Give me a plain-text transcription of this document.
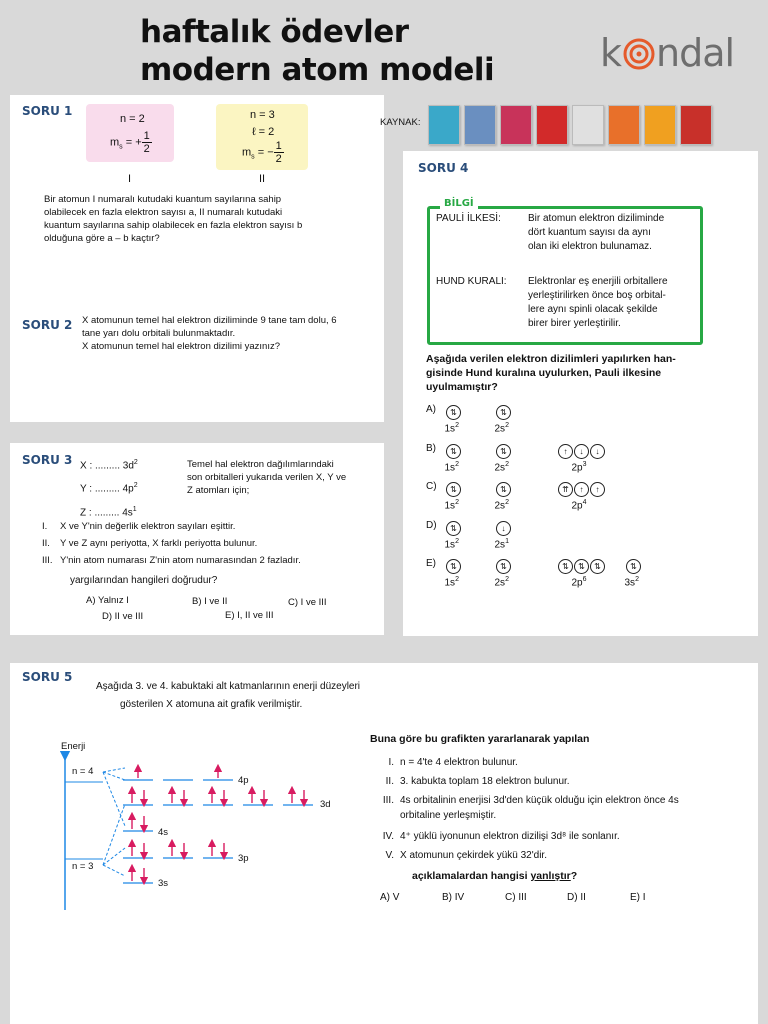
haftalık ödevler
modern atom modeli	k ndal
SORU 1
n = 2
$m_s$ = + $\frac{1}{2}$
I
n = 3
ℓ = 2
$m_s$ = − $\frac{1}{2}$
II
Bir atomun I numaralı kutudaki kuantum sayılarına sahip
olabilecek en fazla elektron sayısı a, II numaralı kutudaki
kuantum sayılarına sahip olabilecek en fazla elektron sayısı b
olduğuna göre a – b kaçtır?
SORU 2 X atomunun temel hal elektron diziliminde 9 tane tam dolu, 6
tane yarı dolu orbitali bulunmaktadır.
X atomunun temel hal elektron dizilimi yazınız?
KAYNAK:
SORU 3 X : ......... $3d^2$
Y : ......... $4p^2$
Z : ......... $4s^1$
Temel hal elektron dağılımlarındaki
son orbitalleri yukarıda verilen X, Y ve
Z atomları için;
I. X ve Y'nin değerlik elektron sayıları eşittir.
II. Y ve Z aynı periyotta, X farklı periyotta bulunur.
III. Y'nin atom numarası Z'nin atom numarasından 2 fazladır.
yargılarından hangileri doğrudur?
A) Yalnız I	B) I ve II	C) I ve III
D) II ve III	E) I, II ve III
SORU 4
BİLGİ
PAULİ İLKESİ:	Bir atomun elektron diziliminde
dört kuantum sayısı da aynı
olan iki elektron bulunamaz.
HUND KURALI: Elektronlar eş enerjili orbitallere
yerleştirilirken önce boş orbital-
lere aynı spinli olacak şekilde
birer birer yerleştirilir.
Aşağıda verilen elektron dizilimleri yapılırken han-
gisinde Hund kuralına uyulurken, Pauli ilkesine
uyulmamıştır?
A)	⇅
$1s^2$
⇅
$2s^2$
B)	⇅
$1s^2$
⇅
$2s^2$
↑ ↓ ↓
$2p^3$
C)	⇅
$1s^2$
⇅
$2s^2$
⇈ ↑ ↑
$2p^4$
D)	⇅
$1s^2$
↓
$2s^1$
E)	⇅
$1s^2$
⇅
$2s^2$
⇅ ⇅ ⇅
$2p^6$
⇅
$3s^2$
SORU 5
Aşağıda 3. ve 4. kabuktaki alt katmanlarının enerji düzeyleri
gösterilen X atomuna ait grafik verilmiştir.
Enerji
n = 4
n = 3
4p
3d
4s
3p
3s
Buna göre bu grafikten yararlanarak yapılan
I. n = 4'te 4 elektron bulunur.
II. 3. kabukta toplam 18 elektron bulunur.
III. 4s orbitalinin enerjisi 3d'den küçük olduğu için elektron önce 4s
orbitaline yerleşmiştir.
IV. 4⁺ yüklü iyonunun elektron dizilişi 3d⁸ ile sonlanır.
V. X atomunun çekirdek yükü 32'dir.
açıklamalardan hangisi yanlıştır?
A) V	B) IV	C) III	D) II	E) I
